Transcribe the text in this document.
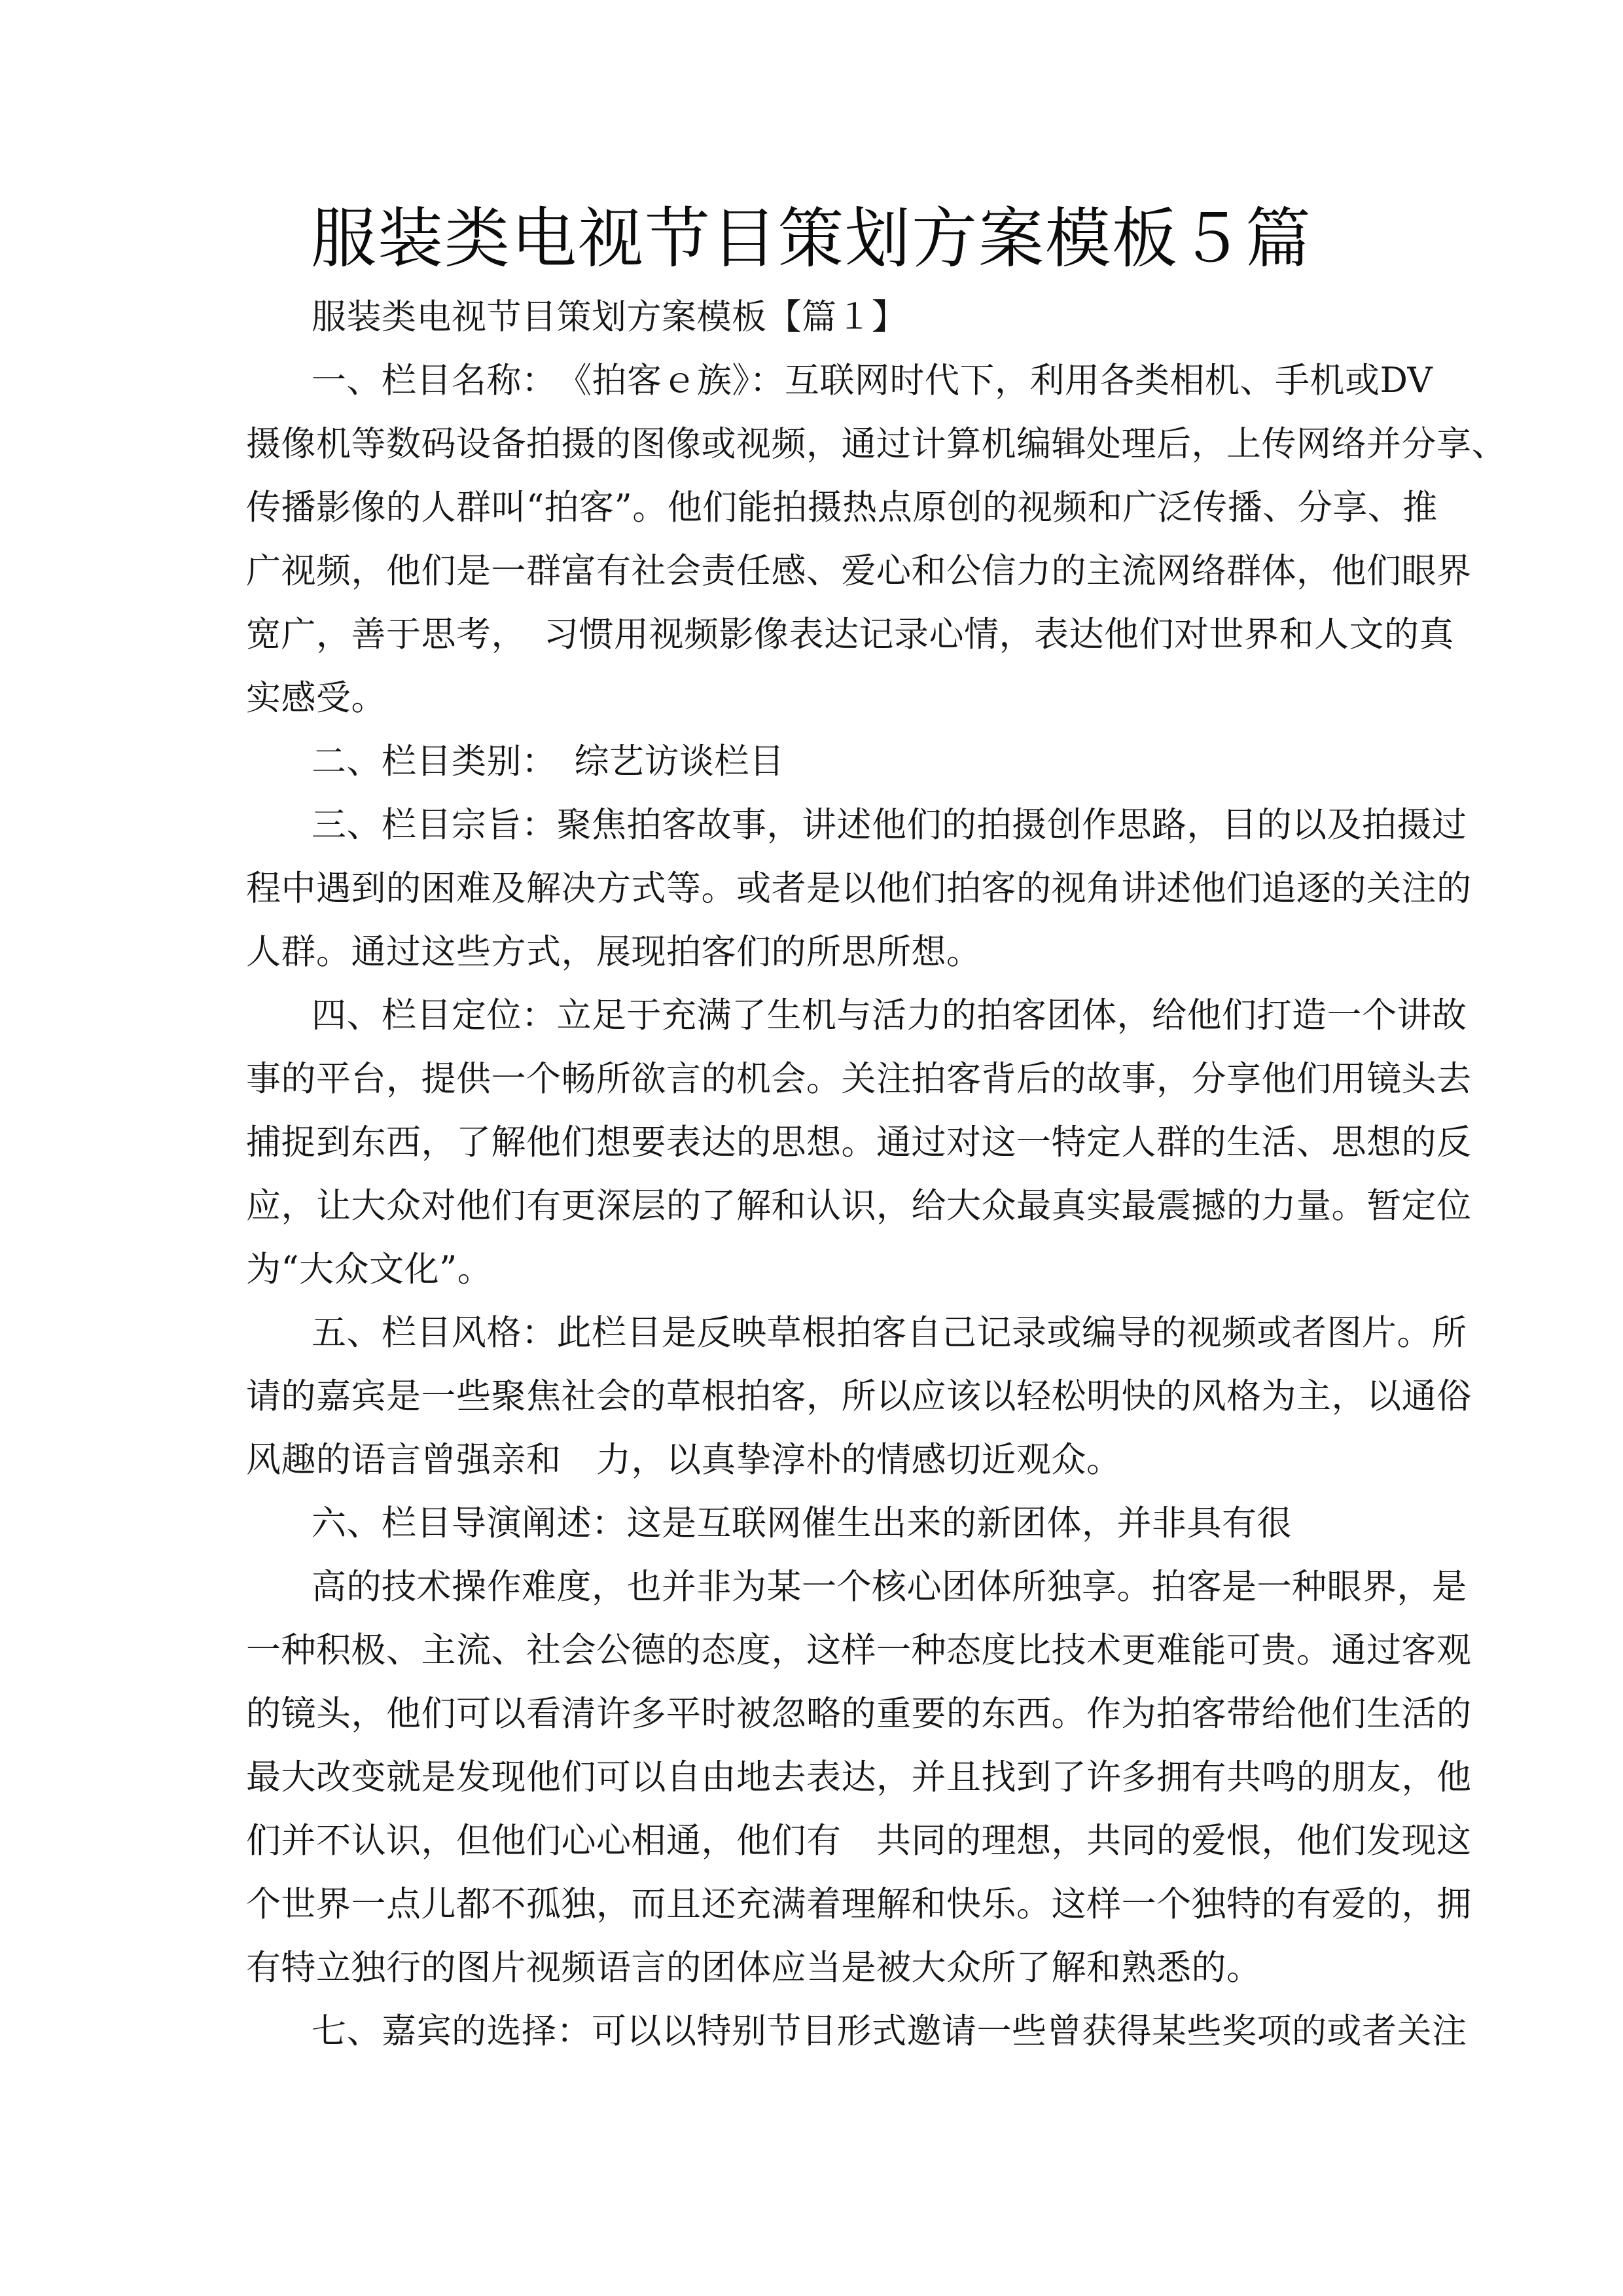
服装类电视节目策划方案模板５篇
服装类电视节目策划方案模板【篇１】
一、栏目名称：　《拍客ｅ族》：互联网时代下，利用各类相机、手机或DV
摄像机等数码设备拍摄的图像或视频，通过计算机编辑处理后，上传网络并分享、
传播影像的人群叫“拍客”。他们能拍摄热点原创的视频和广泛传播、分享、推
广视频，他们是一群富有社会责任感、爱心和公信力的主流网络群体，他们眼界
宽广，善于思考，　习惯用视频影像表达记录心情，表达他们对世界和人文的真
实感受。
二、栏目类别：　综艺访谈栏目
三、栏目宗旨：聚焦拍客故事，讲述他们的拍摄创作思路，目的以及拍摄过
程中遇到的困难及解决方式等。或者是以他们拍客的视角讲述他们追逐的关注的
人群。通过这些方式，展现拍客们的所思所想。
四、栏目定位：立足于充满了生机与活力的拍客团体，给他们打造一个讲故
事的平台，提供一个畅所欲言的机会。关注拍客背后的故事，分享他们用镜头去
捕捉到东西，了解他们想要表达的思想。通过对这一特定人群的生活、思想的反
应，让大众对他们有更深层的了解和认识，给大众最真实最震撼的力量。暂定位
为“大众文化”。
五、栏目风格：此栏目是反映草根拍客自己记录或编导的视频或者图片。所
请的嘉宾是一些聚焦社会的草根拍客，所以应该以轻松明快的风格为主，以通俗
风趣的语言曾强亲和　力，以真挚淳朴的情感切近观众。
六、栏目导演阐述：这是互联网催生出来的新团体，并非具有很
高的技术操作难度，也并非为某一个核心团体所独享。拍客是一种眼界，是
一种积极、主流、社会公德的态度，这样一种态度比技术更难能可贵。通过客观
的镜头，他们可以看清许多平时被忽略的重要的东西。作为拍客带给他们生活的
最大改变就是发现他们可以自由地去表达，并且找到了许多拥有共鸣的朋友，他
们并不认识，但他们心心相通，他们有　共同的理想，共同的爱恨，他们发现这
个世界一点儿都不孤独，而且还充满着理解和快乐。这样一个独特的有爱的，拥
有特立独行的图片视频语言的团体应当是被大众所了解和熟悉的。
七、嘉宾的选择：可以以特别节目形式邀请一些曾获得某些奖项的或者关注
